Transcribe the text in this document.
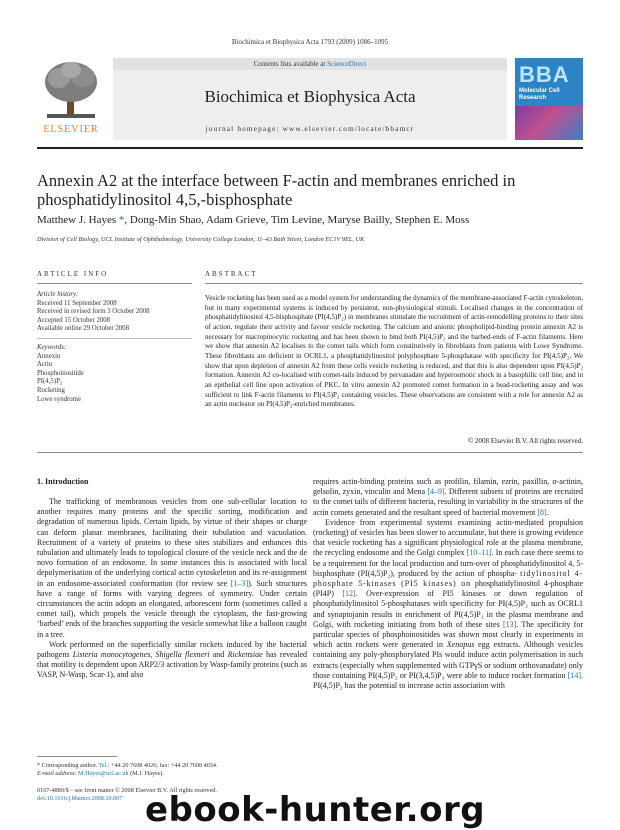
Biochimica et Biophysica Acta 1793 (2009) 1086–1095
ELSEVIER
Contents lists available at ScienceDirect
Biochimica et Biophysica Acta
journal homepage: www.elsevier.com/locate/bbamcr
BBA
Molecular Cell Research
Annexin A2 at the interface between F-actin and membranes enriched in phosphatidylinositol 4,5,-bisphosphate
Matthew J. Hayes *, Dong-Min Shao, Adam Grieve, Tim Levine, Maryse Bailly, Stephen E. Moss
Division of Cell Biology, UCL Institute of Ophthalmology, University College London, 11–43 Bath Street, London EC1V 9EL, UK
ARTICLE INFO
Article history:
Received 11 September 2008
Received in revised form 3 October 2008
Accepted 15 October 2008
Available online 29 October 2008
Keywords:
Annexin
Actin
Phosphoinositide
PI(4,5)P₂
Rocketing
Lowe syndrome
ABSTRACT
Vesicle rocketing has been used as a model system for understanding the dynamics of the membrane-associated F-actin cytoskeleton, but in many experimental systems is induced by persistent, non-physiological stimuli. Localised changes in the concentration of phosphatidylinositol 4,5-bisphosphate (PI(4,5)P₂) in membranes stimulate the recruitment of actin-remodelling proteins to their sites of action, regulate their activity and favour vesicle rocketing. The calcium and anionic phospholipid-binding protein annexin A2 is necessary for macropinocytic rocketing and has been shown to bind both PI(4,5)P₂ and the barbed-ends of F-actin filaments. Here we show that annexin A2 localises to the comet tails which form constitutively in fibroblasts from patients with Lowe Syndrome. These fibroblasts are deficient in OCRL1, a phosphatidylinositol polyphosphate 5-phosphatase with specificity for PI(4,5)P₂. We show that upon depletion of annexin A2 from these cells vesicle rocketing is reduced, and that this is also dependent upon PI(4,5)P₂ formation. Annexin A2 co-localised with comet-tails induced by pervanadate and hyperosmotic shock in a basophilic cell line, and in an epithelial cell line upon activation of PKC. In vitro annexin A2 promoted comet formation in a bead-rocketing assay and was sufficient to link F-actin filaments to PI(4,5)P₂ containing vesicles. These observations are consistent with a role for annexin A2 as an actin nucleator on PI(4,5)P₂-enriched membranes.
© 2008 Elsevier B.V. All rights reserved.
1. Introduction

The trafficking of membranous vesicles from one sub-cellular location to another requires many proteins and the specific sorting, modification and degradation of numerous lipids. Certain lipids, by virtue of their shapes or charge can deform planar membranes, facilitating their tubulation and vacuolation. Recruitment of a variety of proteins to these sites stabilizes and enhances this tubulation and ultimately leads to topological closure of the vesicle neck and the de novo formation of an endosome. In some instances this is associated with local depolymerisation of the underlying cortical actin cytoskeleton and its re-assignment in an endosome-associated conformation (for review see [1–3]). Such structures have a range of forms with varying degrees of symmetry. Under certain circumstances the actin adopts an elongated, arborescent form (sometimes called a comet tail), which propels the vesicle through the cytoplasm, the fast-growing ‘barbed’ ends of the branches supporting the vesicle somewhat like a balloon caught in a tree.

Work performed on the superficially similar rockets induced by the bacterial pathogens Listeria monocytogenes, Shigella flexneri and Rickettsiae has revealed that motility is dependent upon ARP2/3 activation by Wasp-family proteins (such as VASP, N-Wasp, Scar-1), and also

requires actin-binding proteins such as profilin, filamin, ezrin, paxillin, α-actinin, gelsolin, zyxin, vinculin and Mena [4–9]. Different subsets of proteins are recruited to the comet tails of different bacteria, resulting in variability in the structures of the actin comets generated and the resultant speed of bacterial movement [8].

Evidence from experimental systems examining actin-mediated propulsion (rocketing) of vesicles has been slower to accumulate, but there is growing evidence that vesicle rocketing has a significant physiological role at the plasma membrane, the recycling endosome and the Golgi complex [10–11]. In each case there seems to be a requirement for the local production and turn-over of phosphatidylinositol 4, 5-bisphosphate (PI(4,5)P₂), produced by the action of phospha- tidylinositol 4-phosphate 5-kinases (PI5 kinases) on phosphatidylinositol 4-phosphate (PI4P) [12]. Over-expression of PI5 kinases or down regulation of phosphatidylinositol 5-phosphatases with specificity for PI(4,5)P₂ such as OCRL1 and synaptojanin results in enrichment of PI(4,5)P₂ in the plasma membrane and Golgi, with rocketing initiating from both of these sites [13]. The specificity for particular species of phosphoinositides was shown most clearly in experiments in which actin rockets were generated in Xenopus egg extracts. Although vesicles containing any poly-phosphorylated PIs would induce actin polymerisation in such extracts (especially when supplemented with GTPγS or sodium orthovanadate) only those containing PI(4,5)P₂ or PI(3,4,5)P₃ were able to induce rocket formation [14]. PI(4,5)P₂ has the potential to increase actin association with

* Corresponding author. Tel.: +44 20 7608 4026; fax: +44 20 7608 4034.
E-mail address: M.Hayes@ucl.ac.uk (M.J. Hayes).
0167-4889/$ – see front matter © 2008 Elsevier B.V. All rights reserved.
doi:10.1016/j.bbamcr.2008.10.007 ebook-hunter.org
